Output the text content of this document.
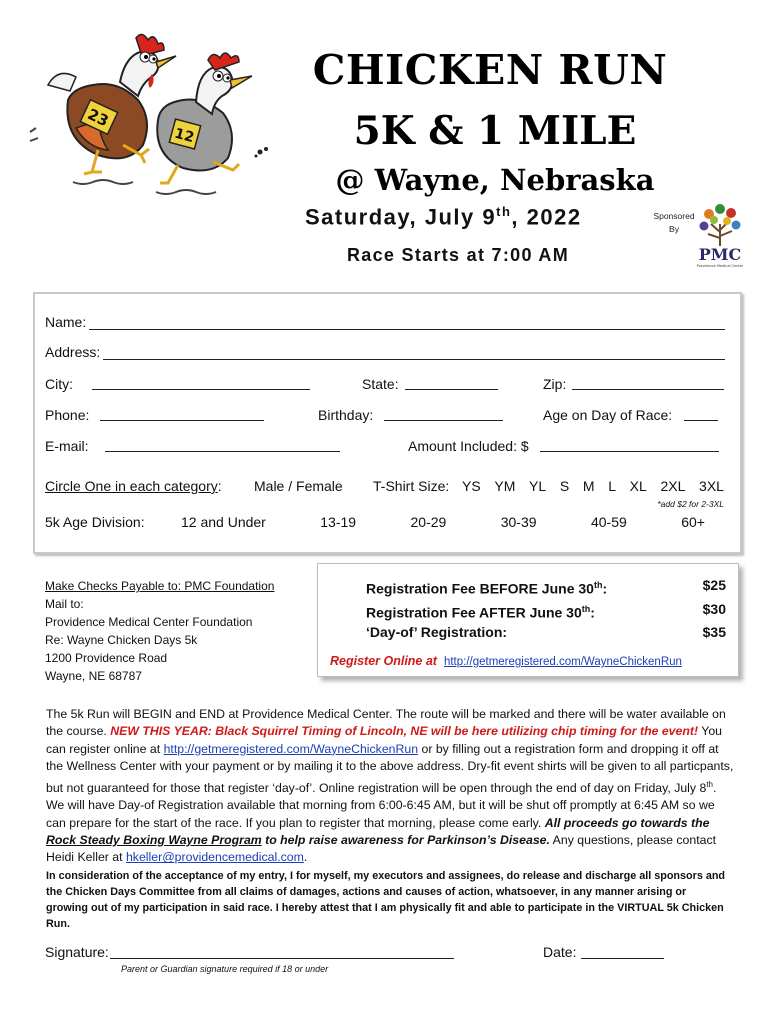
23
12
CHICKEN RUN
5K & 1 MILE
@ Wayne, Nebraska
Saturday, July 9th, 2022
Race Starts at 7:00 AM
Sponsored
By
PMC
Providence Medical Center
Name:
Address:
City:	State:	Zip:
Phone:	Birthday:	Age on Day of Race:
E-mail:	Amount Included: $
Circle One in each category: Male / Female T-Shirt Size: YS YM YL S M L XL 2XL 3XL
*add $2 for 2-3XL
5k Age Division:	12 and Under	13-19	20-29	30-39	40-59	60+
Make Checks Payable to: PMC Foundation
Mail to:
Providence Medical Center Foundation
Re: Wayne Chicken Days 5k
1200 Providence Road
Wayne, NE 68787
Registration Fee BEFORE June 30th:	$25
Registration Fee AFTER June 30th:	$30
‘Day-of’ Registration:	$35
Register Online at http://getmeregistered.com/WayneChickenRun
The 5k Run will BEGIN and END at Providence Medical Center. The route will be marked and there will be water available on the course. NEW THIS YEAR: Black Squirrel Timing of Lincoln, NE will be here utilizing chip timing for the event! You can register online at http://getmeregistered.com/WayneChickenRun or by filling out a registration form and dropping it off at the Wellness Center with your payment or by mailing it to the above address. Dry-fit event shirts will be given to all particpants, but not guaranteed for those that register ‘day-of’. Online registration will be open through the end of day on Friday, July 8th. We will have Day-of Registration available that morning from 6:00-6:45 AM, but it will be shut off promptly at 6:45 AM so we can prepare for the start of the race. If you plan to register that morning, please come early. All proceeds go towards the Rock Steady Boxing Wayne Program to help raise awareness for Parkinson’s Disease. Any questions, please contact Heidi Keller at hkeller@providencemedical.com.
In consideration of the acceptance of my entry, I for myself, my executors and assignees, do release and discharge all sponsors and the Chicken Days Committee from all claims of damages, actions and causes of action, whatsoever, in any manner arising or growing out of my participation in said race. I hereby attest that I am physically fit and able to participate in the VIRTUAL 5k Chicken Run.
Signature:	Date:
Parent or Guardian signature required if 18 or under
